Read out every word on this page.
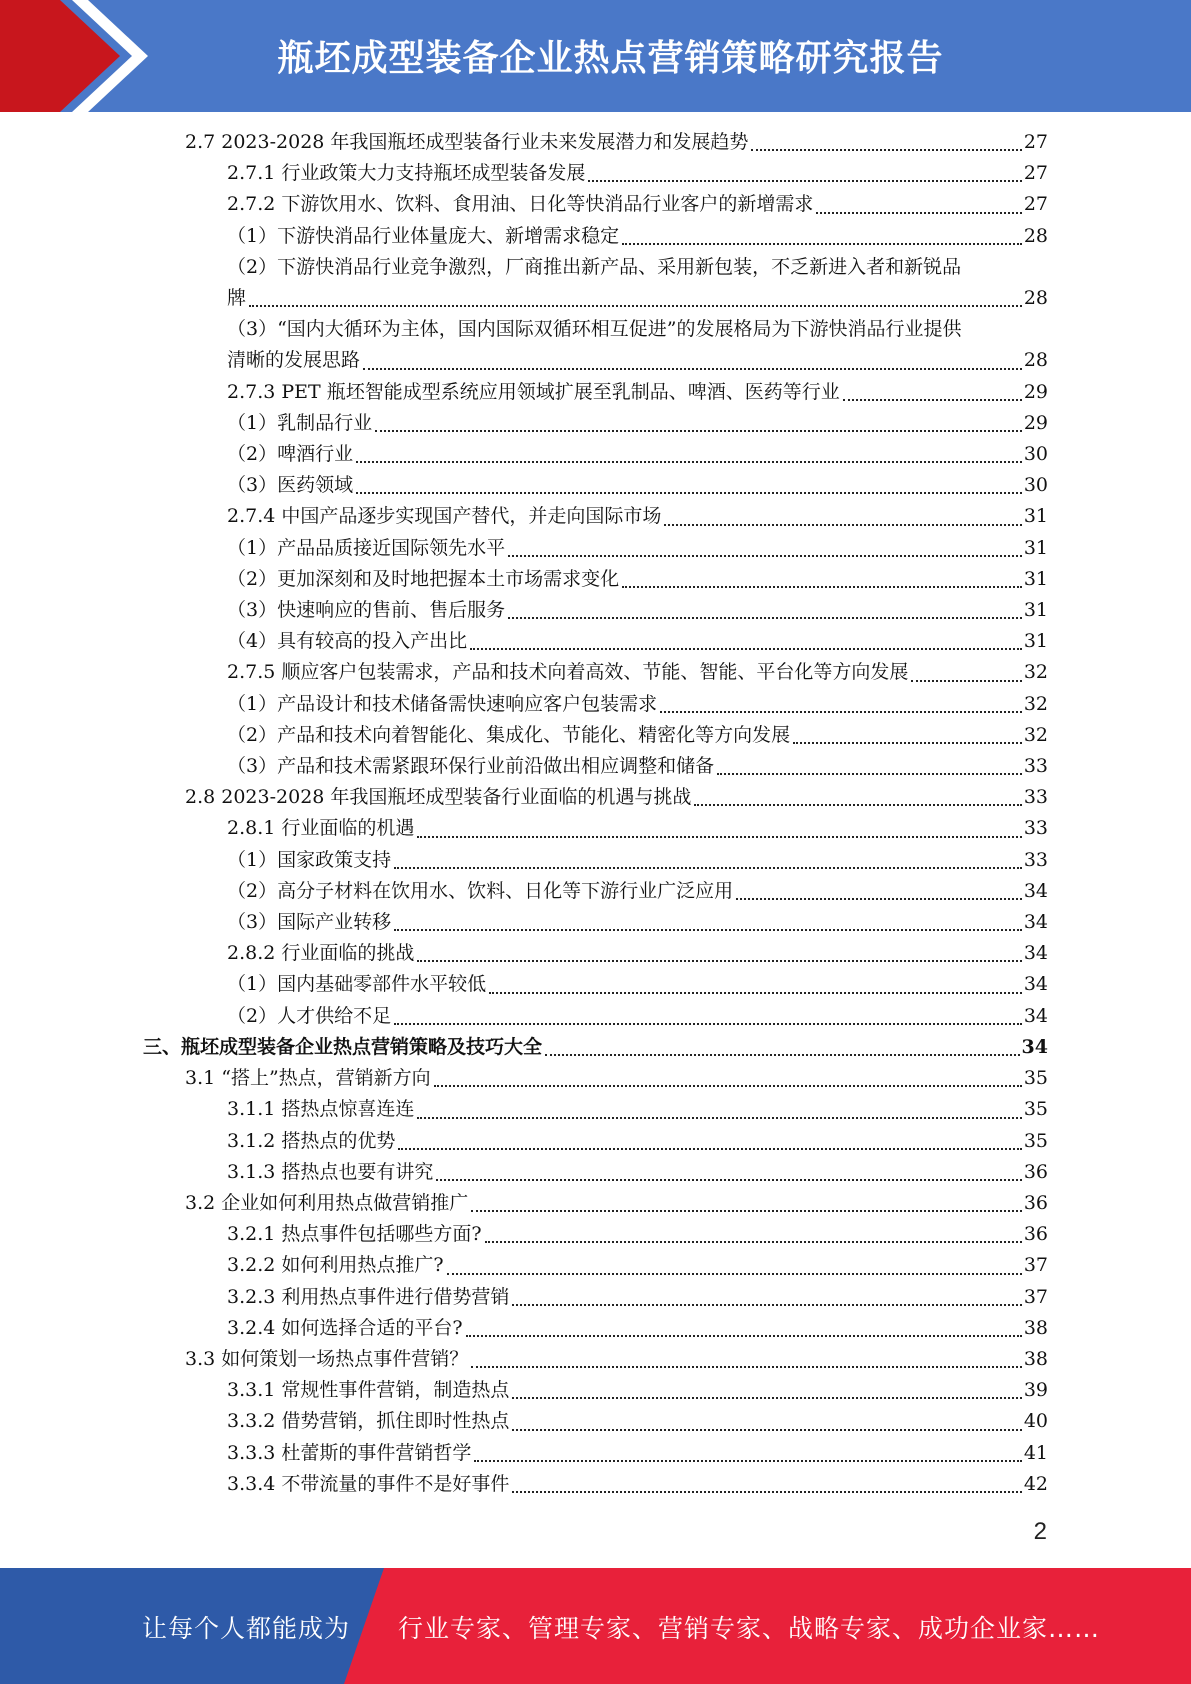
瓶坯成型装备企业热点营销策略研究报告
2.7 2023-2028 年我国瓶坯成型装备行业未来发展潜力和发展趋势	27
2.7.1 行业政策大力支持瓶坯成型装备发展	27
2.7.2 下游饮用水、饮料、食用油、日化等快消品行业客户的新增需求	27
（1）下游快消品行业体量庞大、新增需求稳定	28
（2）下游快消品行业竞争激烈，厂商推出新产品、采用新包装，不乏新进入者和新锐品
牌	28
（3）“国内大循环为主体，国内国际双循环相互促进”的发展格局为下游快消品行业提供
清晰的发展思路	28
2.7.3 PET 瓶坯智能成型系统应用领域扩展至乳制品、啤酒、医药等行业	29
（1）乳制品行业	29
（2）啤酒行业	30
（3）医药领域	30
2.7.4 中国产品逐步实现国产替代，并走向国际市场	31
（1）产品品质接近国际领先水平	31
（2）更加深刻和及时地把握本土市场需求变化	31
（3）快速响应的售前、售后服务	31
（4）具有较高的投入产出比	31
2.7.5 顺应客户包装需求，产品和技术向着高效、节能、智能、平台化等方向发展	32
（1）产品设计和技术储备需快速响应客户包装需求	32
（2）产品和技术向着智能化、集成化、节能化、精密化等方向发展	32
（3）产品和技术需紧跟环保行业前沿做出相应调整和储备	33
2.8 2023-2028 年我国瓶坯成型装备行业面临的机遇与挑战	33
2.8.1 行业面临的机遇	33
（1）国家政策支持	33
（2）高分子材料在饮用水、饮料、日化等下游行业广泛应用	34
（3）国际产业转移	34
2.8.2 行业面临的挑战	34
（1）国内基础零部件水平较低	34
（2）人才供给不足	34
三、瓶坯成型装备企业热点营销策略及技巧大全	34
3.1 “搭上”热点，营销新方向	35
3.1.1 搭热点惊喜连连	35
3.1.2 搭热点的优势	35
3.1.3 搭热点也要有讲究	36
3.2 企业如何利用热点做营销推广	36
3.2.1 热点事件包括哪些方面?	36
3.2.2 如何利用热点推广?	37
3.2.3 利用热点事件进行借势营销	37
3.2.4 如何选择合适的平台?	38
3.3 如何策划一场热点事件营销？	38
3.3.1 常规性事件营销，制造热点	39
3.3.2 借势营销，抓住即时性热点	40
3.3.3 杜蕾斯的事件营销哲学	41
3.3.4 不带流量的事件不是好事件	42
2
让每个人都能成为 行业专家、管理专家、营销专家、战略专家、成功企业家……
